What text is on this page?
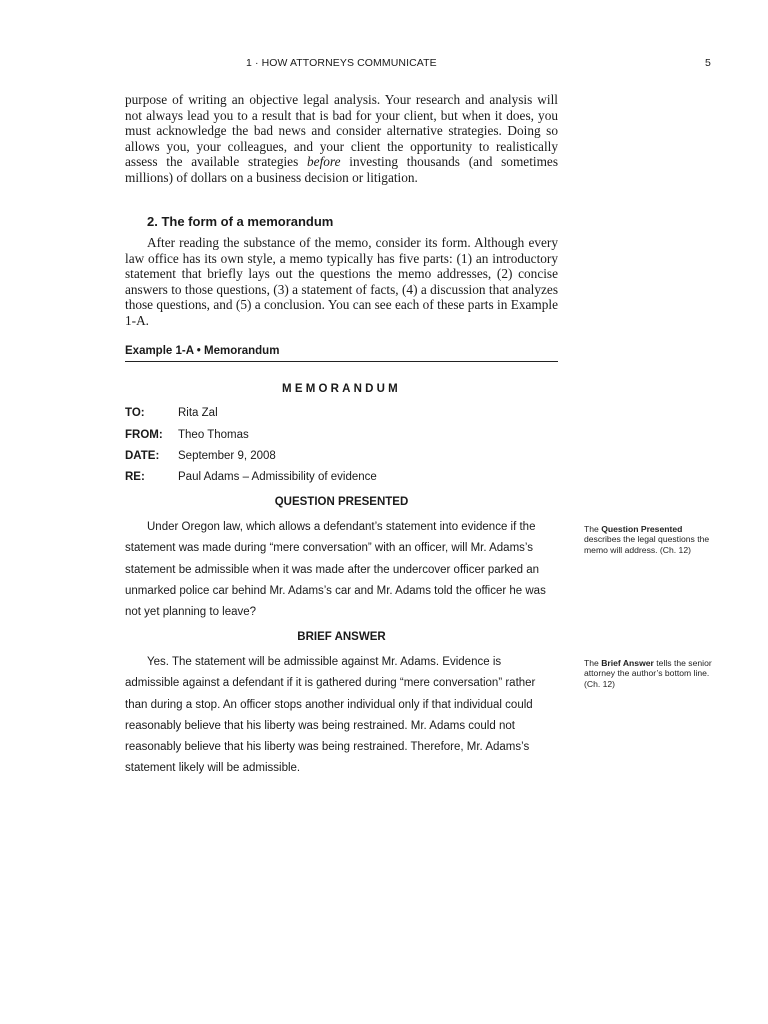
1 · HOW ATTORNEYS COMMUNICATE	5

purpose of writing an objective legal analysis. Your research and analysis will not always lead you to a result that is bad for your client, but when it does, you must acknowledge the bad news and consider alternative strategies. Doing so allows you, your colleagues, and your client the opportunity to realistically assess the available strategies before investing thousands (and sometimes millions) of dollars on a business decision or litigation.

2. The form of a memorandum

After reading the substance of the memo, consider its form. Although every law office has its own style, a memo typically has five parts: (1) an introductory statement that briefly lays out the questions the memo addresses, (2) concise answers to those questions, (3) a statement of facts, (4) a discussion that analyzes those questions, and (5) a conclusion. You can see each of these parts in Example 1-A.

Example 1-A • Memorandum
MEMORANDUM
TO:	Rita Zal
FROM: Theo Thomas
DATE: September 9, 2008
RE:	Paul Adams – Admissibility of evidence
QUESTION PRESENTED

Under Oregon law, which allows a defendant’s statement into evidence if the statement was made during “mere conversation” with an officer, will Mr. Adams’s statement be admissible when it was made after the undercover officer parked an unmarked police car behind Mr. Adams’s car and Mr. Adams told the officer he was not yet planning to leave?

BRIEF ANSWER

Yes. The statement will be admissible against Mr. Adams. Evidence is admissible against a defendant if it is gathered during “mere conversation” rather than during a stop. An officer stops another individual only if that individual could reasonably believe that his liberty was being restrained. Mr. Adams could not reasonably believe that his liberty was being restrained. Therefore, Mr. Adams’s statement likely will be admissible.

The Question Presented describes the legal questions the memo will address. (Ch. 12)

The Brief Answer tells the senior attorney the author’s bottom line. (Ch. 12)
